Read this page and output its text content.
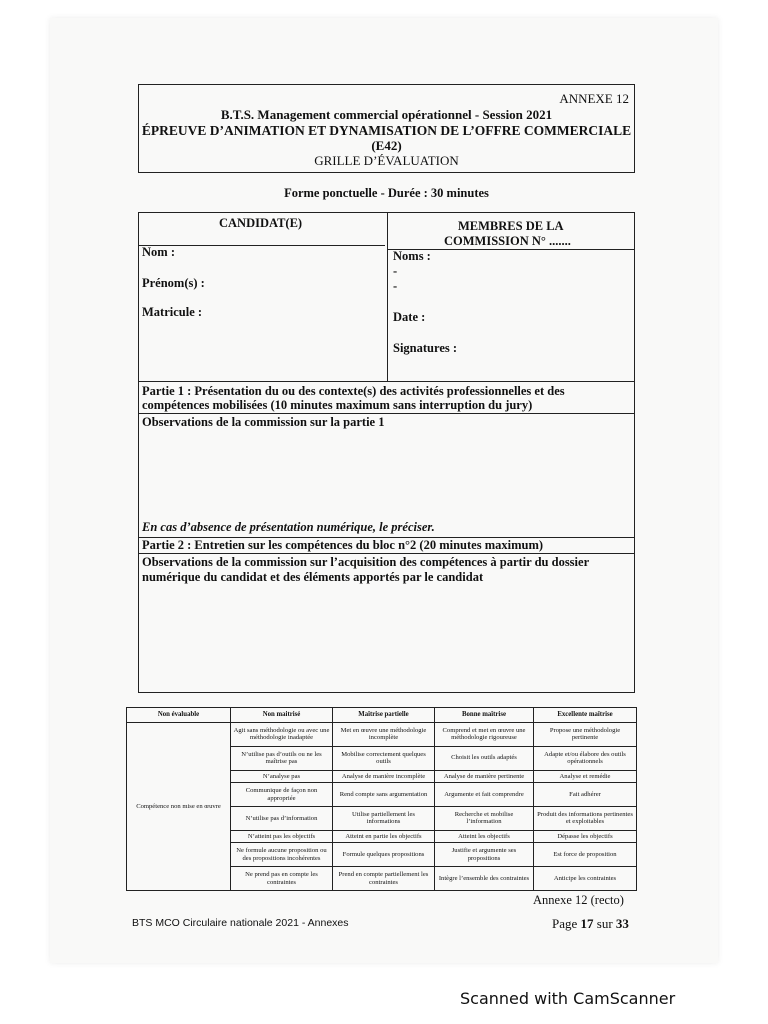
ANNEXE 12
B.T.S. Management commercial opérationnel - Session 2021
ÉPREUVE D’ANIMATION ET DYNAMISATION DE L’OFFRE COMMERCIALE
(E42)
GRILLE D’ÉVALUATION
Forme ponctuelle - Durée : 30 minutes
CANDIDAT(E)
Nom :
Prénom(s) :
Matricule :
MEMBRES DE LA
COMMISSION N° .......
Noms :
-
-
Date :
Signatures :
Partie 1 : Présentation du ou des contexte(s) des activités professionnelles et des
compétences mobilisées (10 minutes maximum sans interruption du jury)
Observations de la commission sur la partie 1
En cas d’absence de présentation numérique, le préciser.
Partie 2 : Entretien sur les compétences du bloc n°2 (20 minutes maximum)
Observations de la commission sur l’acquisition des compétences à partir du dossier
numérique du candidat et des éléments apportés par le candidat
Non évaluable	Non maitrisé	Maîtrise partielle	Bonne maîtrise	Excellente maîtrise
Compétence non mise en œuvre	Agit sans méthodologie ou avec une méthodologie inadaptée	Met en œuvre une méthodologie incomplète	Comprend et met en œuvre une méthodologie rigoureuse	Propose une méthodologie pertinente
	N’utilise pas d’outils ou ne les maîtrise pas	Mobilise correctement quelques outils	Choisit les outils adaptés	Adapte et/ou élabore des outils opérationnels
	N’analyse pas	Analyse de manière incomplète	Analyse de manière pertinente	Analyse et remédie
	Communique de façon non appropriée	Rend compte sans argumentation	Argumente et fait comprendre	Fait adhérer
	N’utilise pas d’information	Utilise partiellement les informations	Recherche et mobilise l’information	Produit des informations pertinentes et exploitables
	N’atteint pas les objectifs	Atteint en partie les objectifs	Atteint les objectifs	Dépasse les objectifs
	Ne formule aucune proposition ou des propositions incohérentes	Formule quelques propositions	Justifie et argumente ses propositions	Est force de proposition
	Ne prend pas en compte les contraintes	Prend en compte partiellement les contraintes	Intègre l’ensemble des contraintes	Anticipe les contraintes
Annexe 12 (recto)
BTS MCO Circulaire nationale 2021 - Annexes	Page 17 sur 33
Scanned with CamScanner
